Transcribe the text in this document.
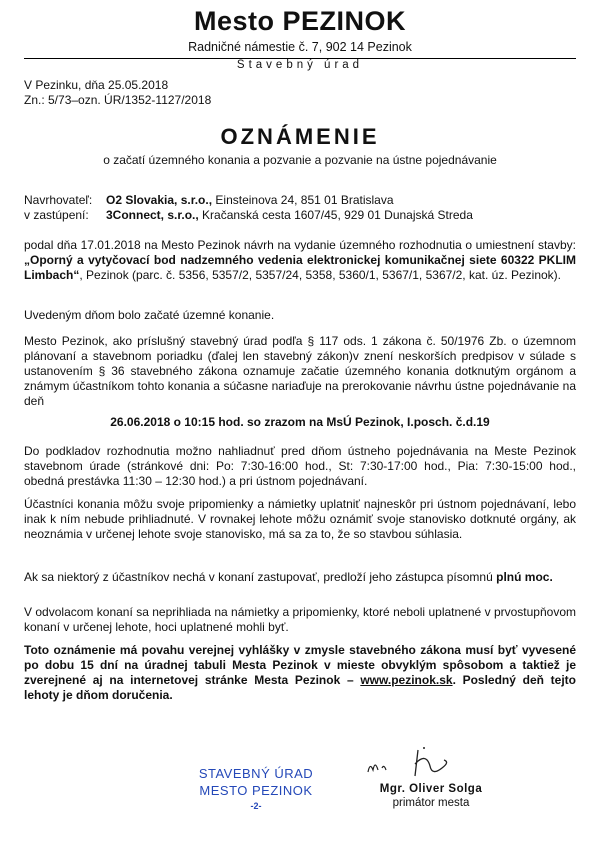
Mesto PEZINOK
Radničné námestie č. 7, 902 14 Pezinok
Stavebný úrad
V Pezinku, dňa 25.05.2018
Zn.: 5/73–ozn. ÚR/1352-1127/2018
OZNÁMENIE
o začatí územného konania a pozvanie a pozvanie na ústne pojednávanie
Navrhovateľ: O2 Slovakia, s.r.o., Einsteinova 24, 851 01 Bratislava
v zastúpení: 3Connect, s.r.o., Kračanská cesta 1607/45, 929 01 Dunajská Streda

podal dňa 17.01.2018 na Mesto Pezinok návrh na vydanie územného rozhodnutia o umiestnení stavby: „Oporný a vytyčovací bod nadzemného vedenia elektronickej komunikačnej siete 60322 PKLIM Limbach“, Pezinok (parc. č. 5356, 5357/2, 5357/24, 5358, 5360/1, 5367/1, 5367/2, kat. úz. Pezinok).

Uvedeným dňom bolo začaté územné konanie.

Mesto Pezinok, ako príslušný stavebný úrad podľa § 117 ods. 1 zákona č. 50/1976 Zb. o územnom plánovaní a stavebnom poriadku (ďalej len stavebný zákon)v znení neskorších predpisov v súlade s ustanovením § 36 stavebného zákona oznamuje začatie územného konania dotknutým orgánom a známym účastníkom tohto konania a súčasne nariaďuje na prerokovanie návrhu ústne pojednávanie na deň

26.06.2018 o 10:15 hod. so zrazom na MsÚ Pezinok, I.posch. č.d.19

Do podkladov rozhodnutia možno nahliadnuť pred dňom ústneho pojednávania na Meste Pezinok stavebnom úrade (stránkové dni: Po: 7:30-16:00 hod., St: 7:30-17:00 hod., Pia: 7:30-15:00 hod., obedná prestávka 11:30 – 12:30 hod.) a pri ústnom pojednávaní.

Účastníci konania môžu svoje pripomienky a námietky uplatniť najneskôr pri ústnom pojednávaní, lebo inak k ním nebude prihliadnuté. V rovnakej lehote môžu oznámiť svoje stanovisko dotknuté orgány, ak neoznámia v určenej lehote svoje stanovisko, má sa za to, že so stavbou súhlasia.

Ak sa niektorý z účastníkov nechá v konaní zastupovať, predloží jeho zástupca písomnú plnú moc.

V odvolacom konaní sa neprihliada na námietky a pripomienky, ktoré neboli uplatnené v prvostupňovom konaní v určenej lehote, hoci uplatnené mohli byť.

Toto oznámenie má povahu verejnej vyhlášky v zmysle stavebného zákona musí byť vyvesené po dobu 15 dní na úradnej tabuli Mesta Pezinok v mieste obvyklým spôsobom a taktiež je zverejnené aj na internetovej stránke Mesta Pezinok – www.pezinok.sk. Posledný deň tejto lehoty je dňom doručenia.

STAVEBNÝ ÚRAD
MESTO PEZINOK
-2-
Mgr. Oliver Solga
primátor mesta
